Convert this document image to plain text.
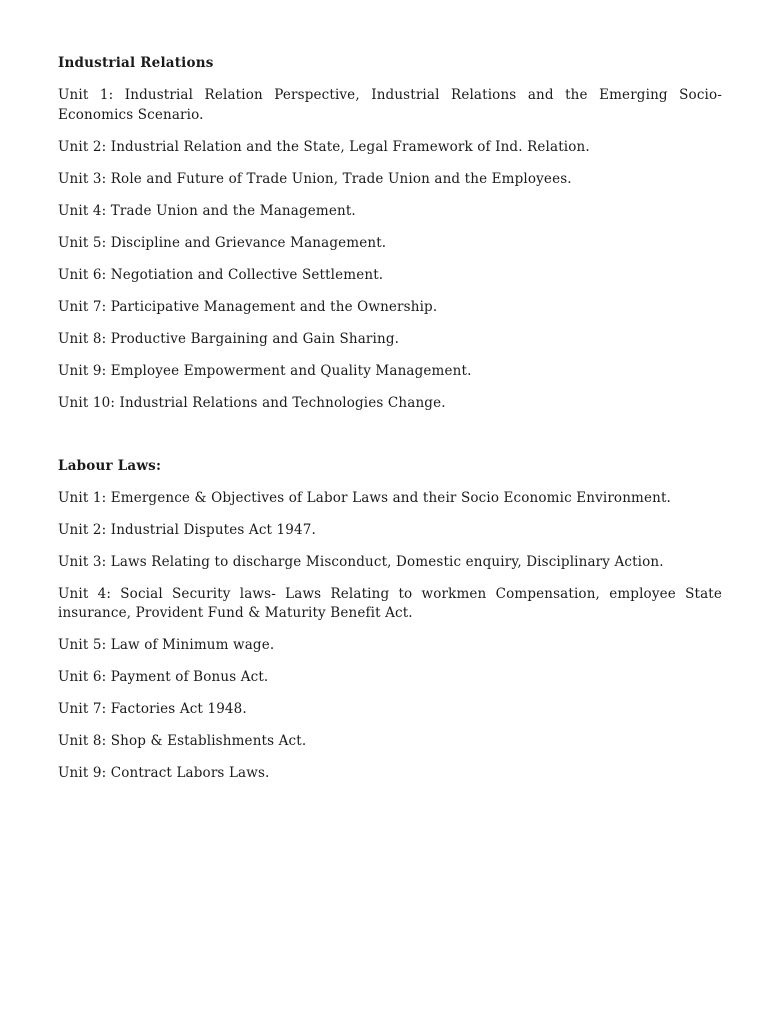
Industrial Relations
Unit 1: Industrial Relation Perspective, Industrial Relations and the Emerging Socio-Economics Scenario.
Unit 2: Industrial Relation and the State, Legal Framework of Ind. Relation.
Unit 3: Role and Future of Trade Union, Trade Union and the Employees.
Unit 4: Trade Union and the Management.
Unit 5: Discipline and Grievance Management.
Unit 6: Negotiation and Collective Settlement.
Unit 7: Participative Management and the Ownership.
Unit 8: Productive Bargaining and Gain Sharing.
Unit 9: Employee Empowerment and Quality Management.
Unit 10: Industrial Relations and Technologies Change.
Labour Laws:
Unit 1: Emergence & Objectives of Labor Laws and their Socio Economic Environment.
Unit 2: Industrial Disputes Act 1947.
Unit 3: Laws Relating to discharge Misconduct, Domestic enquiry, Disciplinary Action.
Unit 4: Social Security laws- Laws Relating to workmen Compensation, employee State insurance, Provident Fund & Maturity Benefit Act.
Unit 5: Law of Minimum wage.
Unit 6: Payment of Bonus Act.
Unit 7: Factories Act 1948.
Unit 8: Shop & Establishments Act.
Unit 9: Contract Labors Laws.
